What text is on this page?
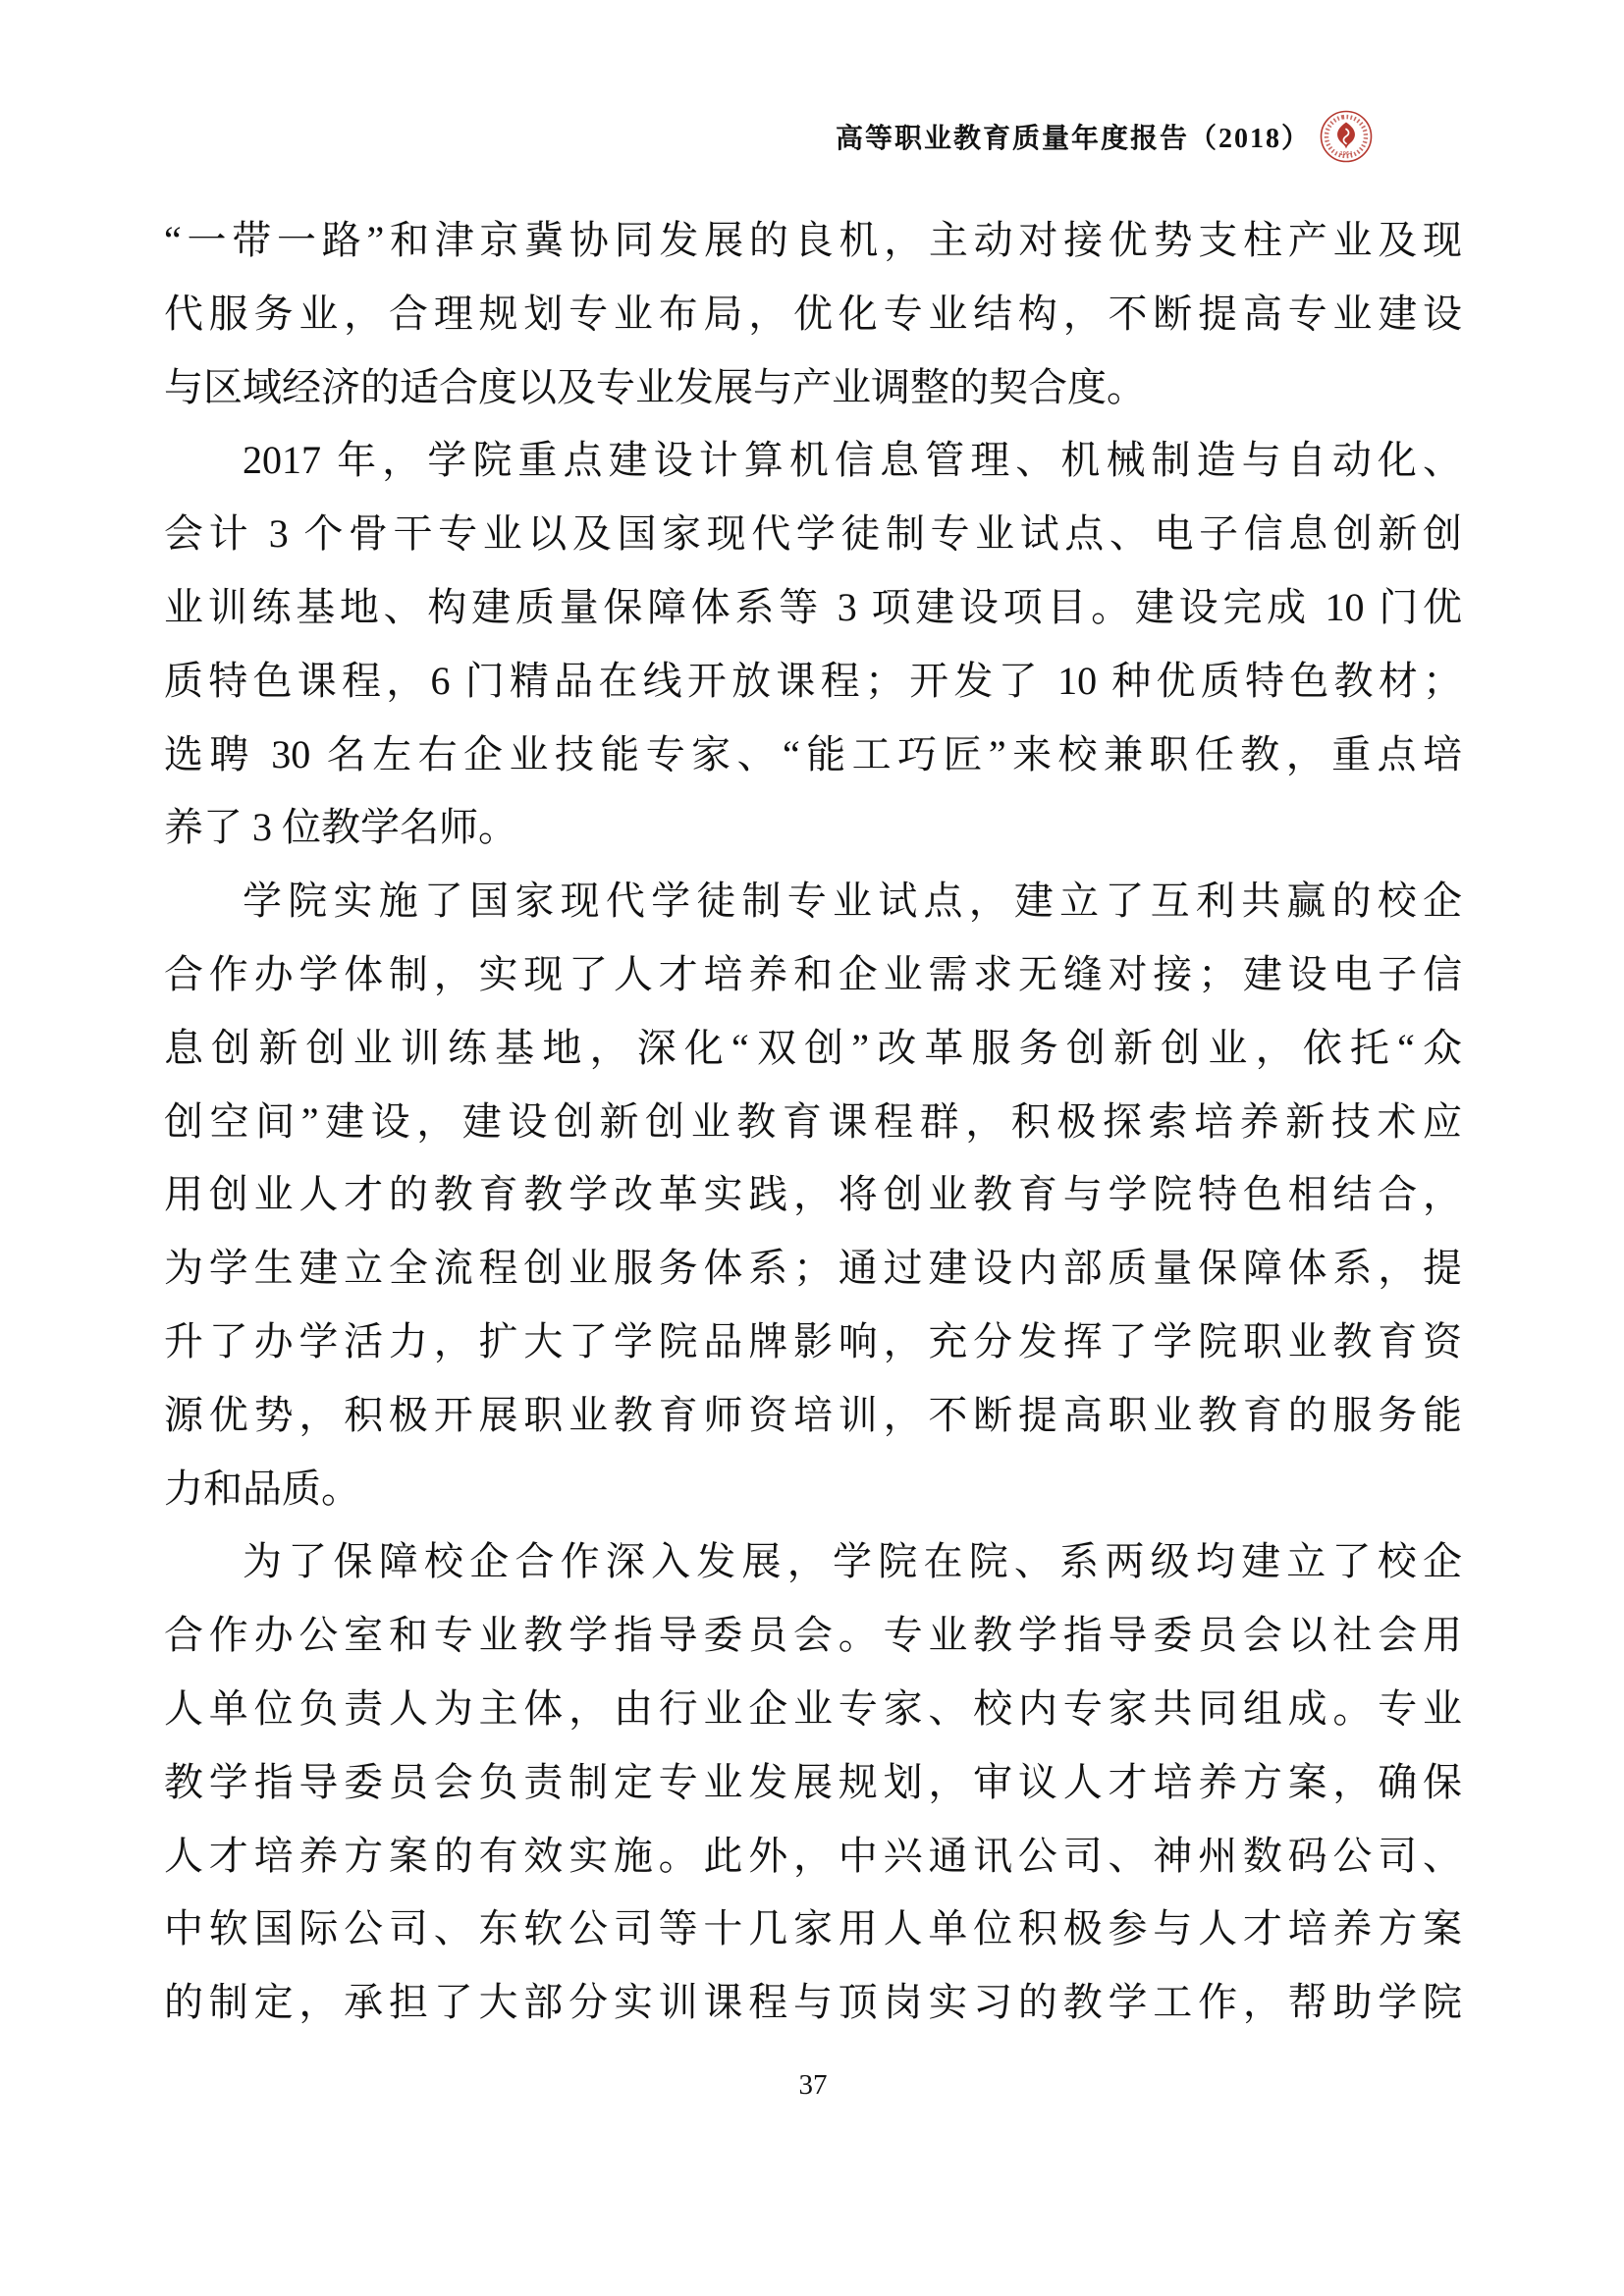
高等职业教育质量年度报告（2018）
1964
“一带一路”和津京冀协同发展的良机，主动对接优势支柱产业及现
代服务业，合理规划专业布局，优化专业结构，不断提高专业建设
与区域经济的适合度以及专业发展与产业调整的契合度。
2017 年，学院重点建设计算机信息管理、机械制造与自动化、
会计 3 个骨干专业以及国家现代学徒制专业试点、电子信息创新创
业训练基地、构建质量保障体系等 3 项建设项目。建设完成 10 门优
质特色课程，6 门精品在线开放课程；开发了 10 种优质特色教材；
选聘 30 名左右企业技能专家、“能工巧匠”来校兼职任教，重点培
养了 3 位教学名师。
学院实施了国家现代学徒制专业试点，建立了互利共赢的校企
合作办学体制，实现了人才培养和企业需求无缝对接；建设电子信
息创新创业训练基地，深化“双创”改革服务创新创业，依托“众
创空间”建设，建设创新创业教育课程群，积极探索培养新技术应
用创业人才的教育教学改革实践，将创业教育与学院特色相结合，
为学生建立全流程创业服务体系；通过建设内部质量保障体系，提
升了办学活力，扩大了学院品牌影响，充分发挥了学院职业教育资
源优势，积极开展职业教育师资培训，不断提高职业教育的服务能
力和品质。
为了保障校企合作深入发展，学院在院、系两级均建立了校企
合作办公室和专业教学指导委员会。专业教学指导委员会以社会用
人单位负责人为主体，由行业企业专家、校内专家共同组成。专业
教学指导委员会负责制定专业发展规划，审议人才培养方案，确保
人才培养方案的有效实施。此外，中兴通讯公司、神州数码公司、
中软国际公司、东软公司等十几家用人单位积极参与人才培养方案
的制定，承担了大部分实训课程与顶岗实习的教学工作，帮助学院
37
